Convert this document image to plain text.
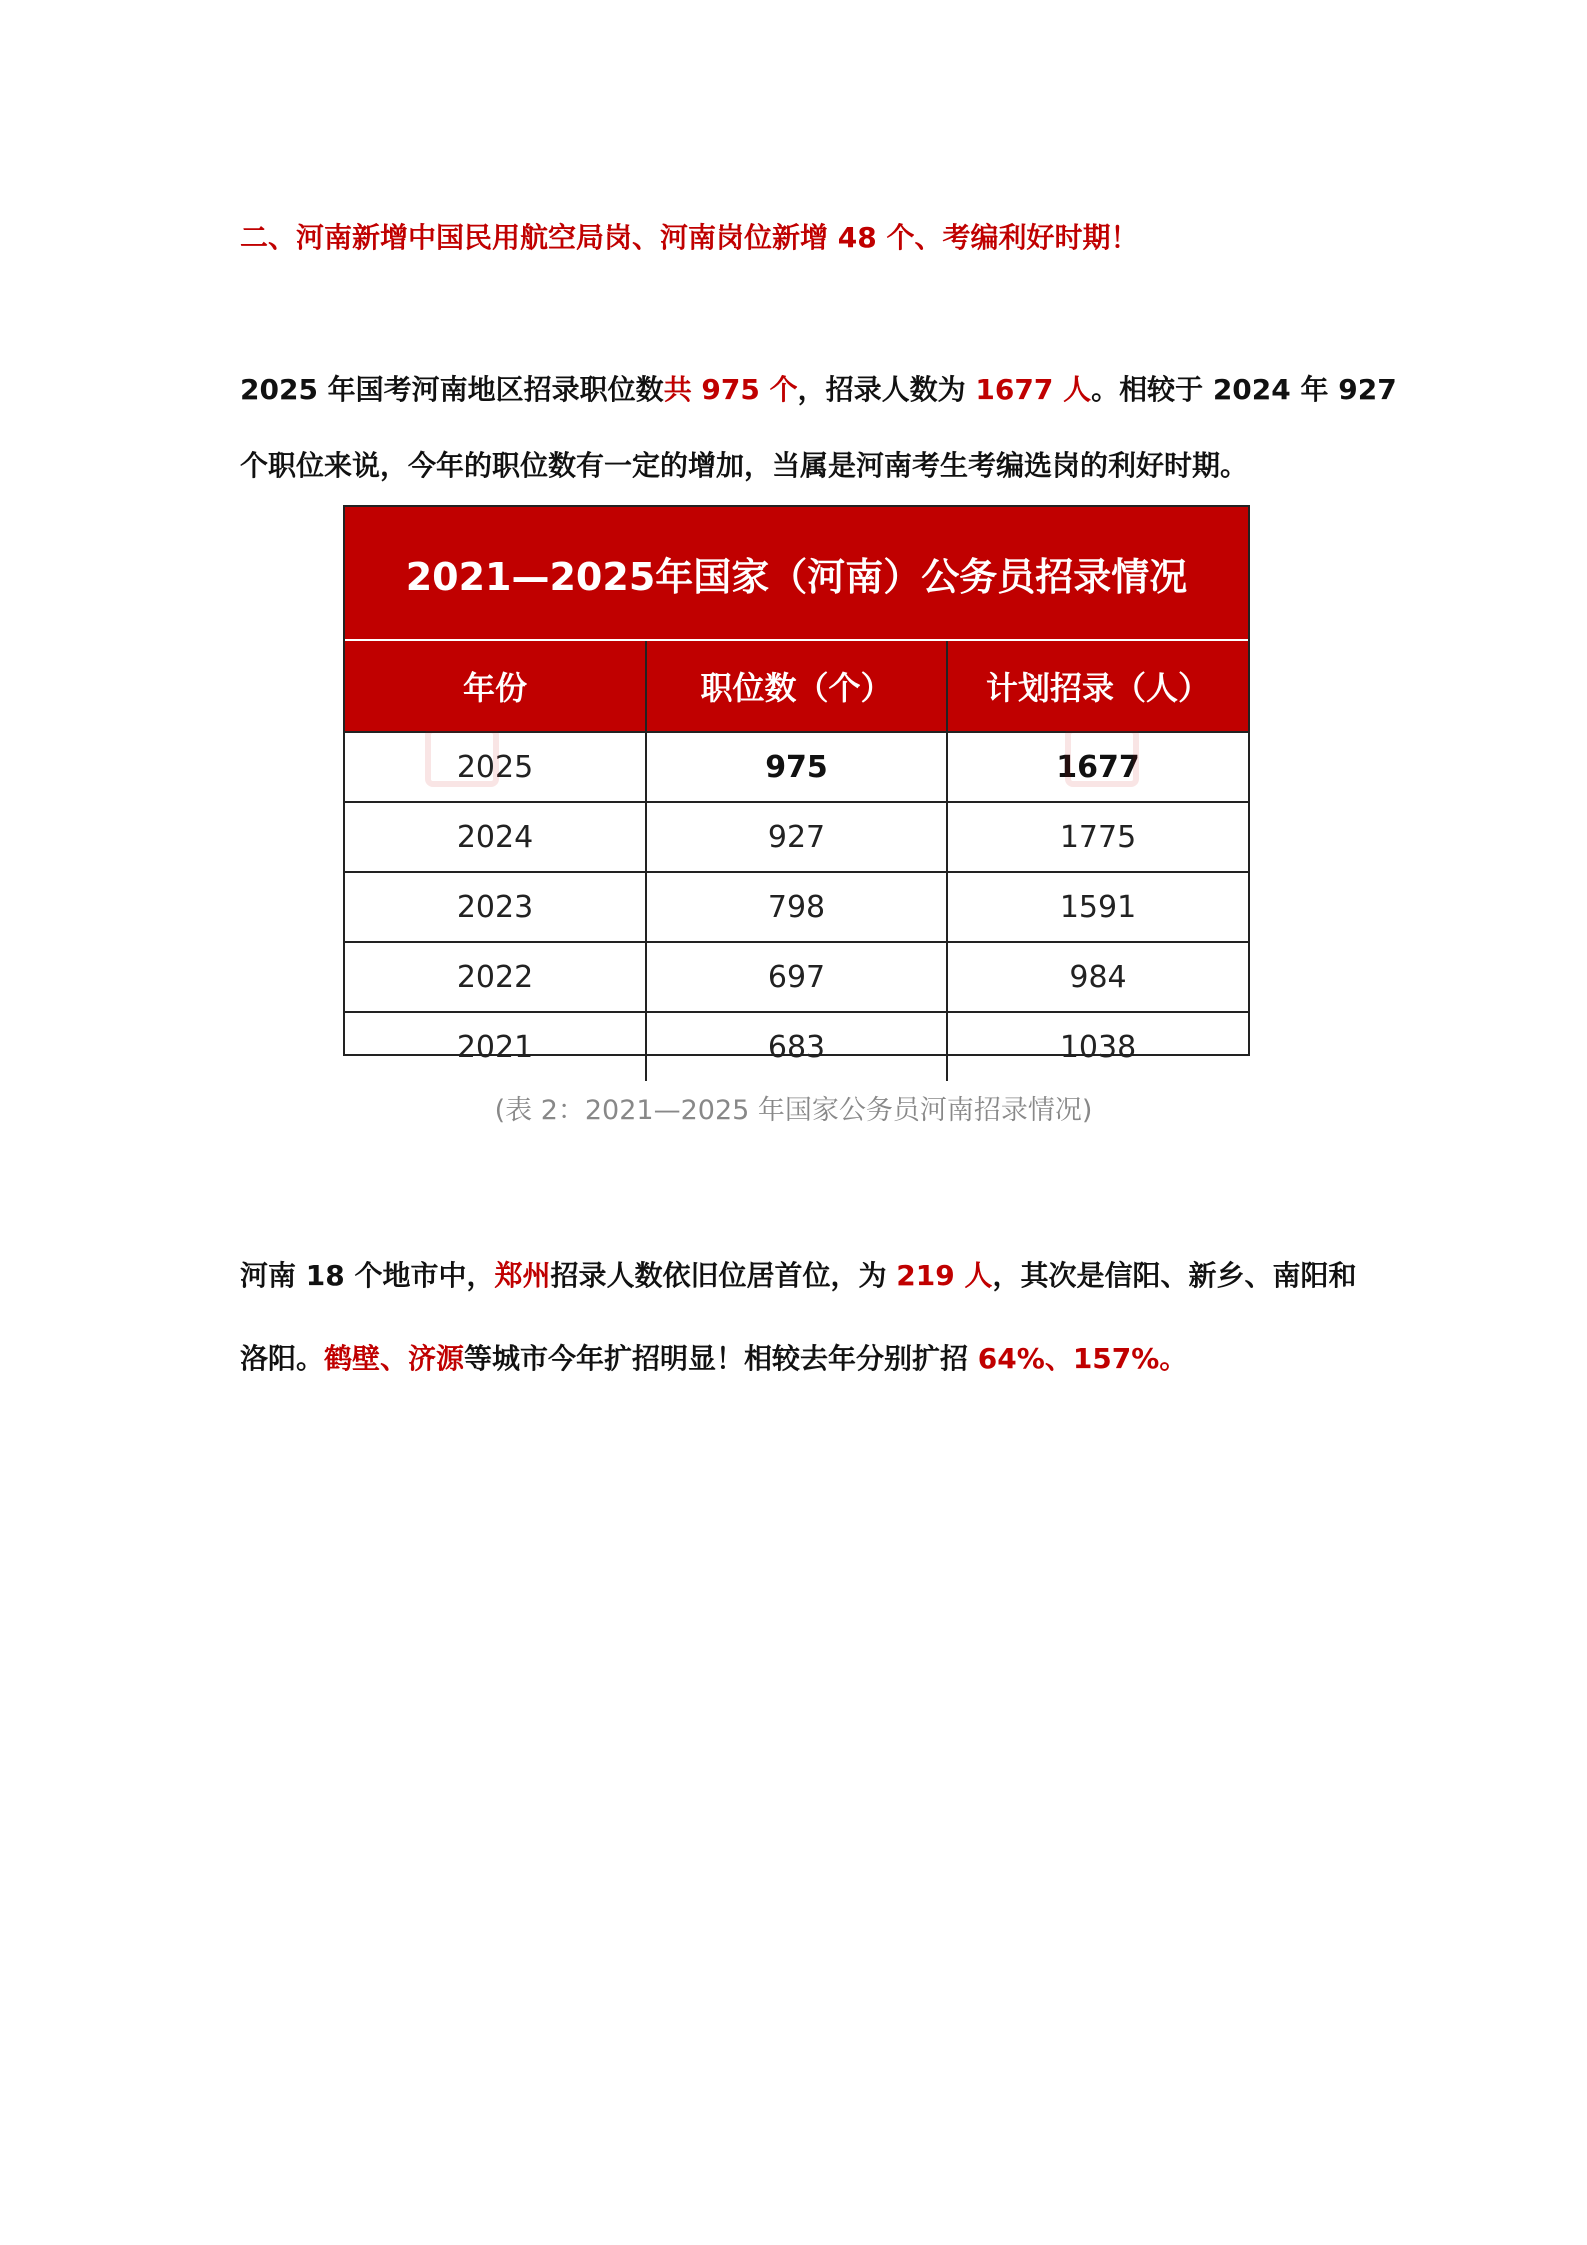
二、河南新增中国民用航空局岗、河南岗位新增 48 个、考编利好时期！

2025 年国考河南地区招录职位数共 975 个，招录人数为 1677 人。相较于 2024 年 927

个职位来说，今年的职位数有一定的增加，当属是河南考生考编选岗的利好时期。

2021—2025年国家（河南）公务员招录情况		
年份	职位数（个）	计划招录（人）
2025	975	1677
2024	927	1775
2023	798	1591
2022	697	984
2021	683	1038

(表 2：2021—2025 年国家公务员河南招录情况)

河南 18 个地市中，郑州招录人数依旧位居首位，为 219 人，其次是信阳、新乡、南阳和

洛阳。鹤壁、济源等城市今年扩招明显！相较去年分别扩招 64%、157%。
